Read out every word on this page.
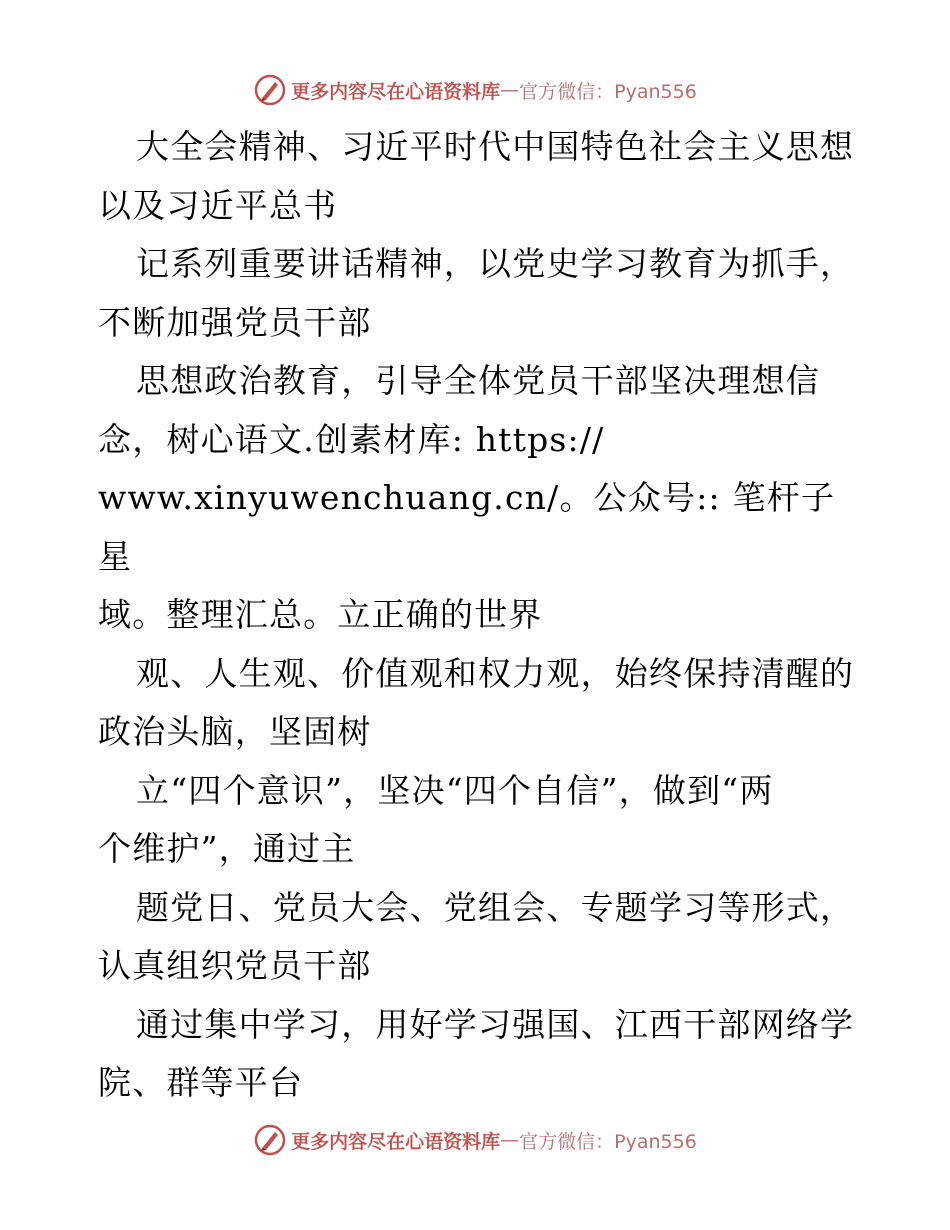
更多内容尽在心语资料库 — 官方微信：Pyan556

大全会精神、习近平时代中国特色社会主义思想
以及习近平总书

记系列重要讲话精神，以党史学习教育为抓手，
不断加强党员干部

思想政治教育，引导全体党员干部坚决理想信
念，树心语文.创素材库: https://
www.xinyuwenchuang.cn/。公众号:: 笔杆子星
域。整理汇总。立正确的世界

观、人生观、价值观和权力观，始终保持清醒的
政治头脑，坚固树

立“四个意识”，坚决“四个自信”，做到“两
个维护”，通过主

题党日、党员大会、党组会、专题学习等形式，
认真组织党员干部

通过集中学习，用好学习强国、江西干部网络学
院、群等平台

更多内容尽在心语资料库 — 官方微信：Pyan556
